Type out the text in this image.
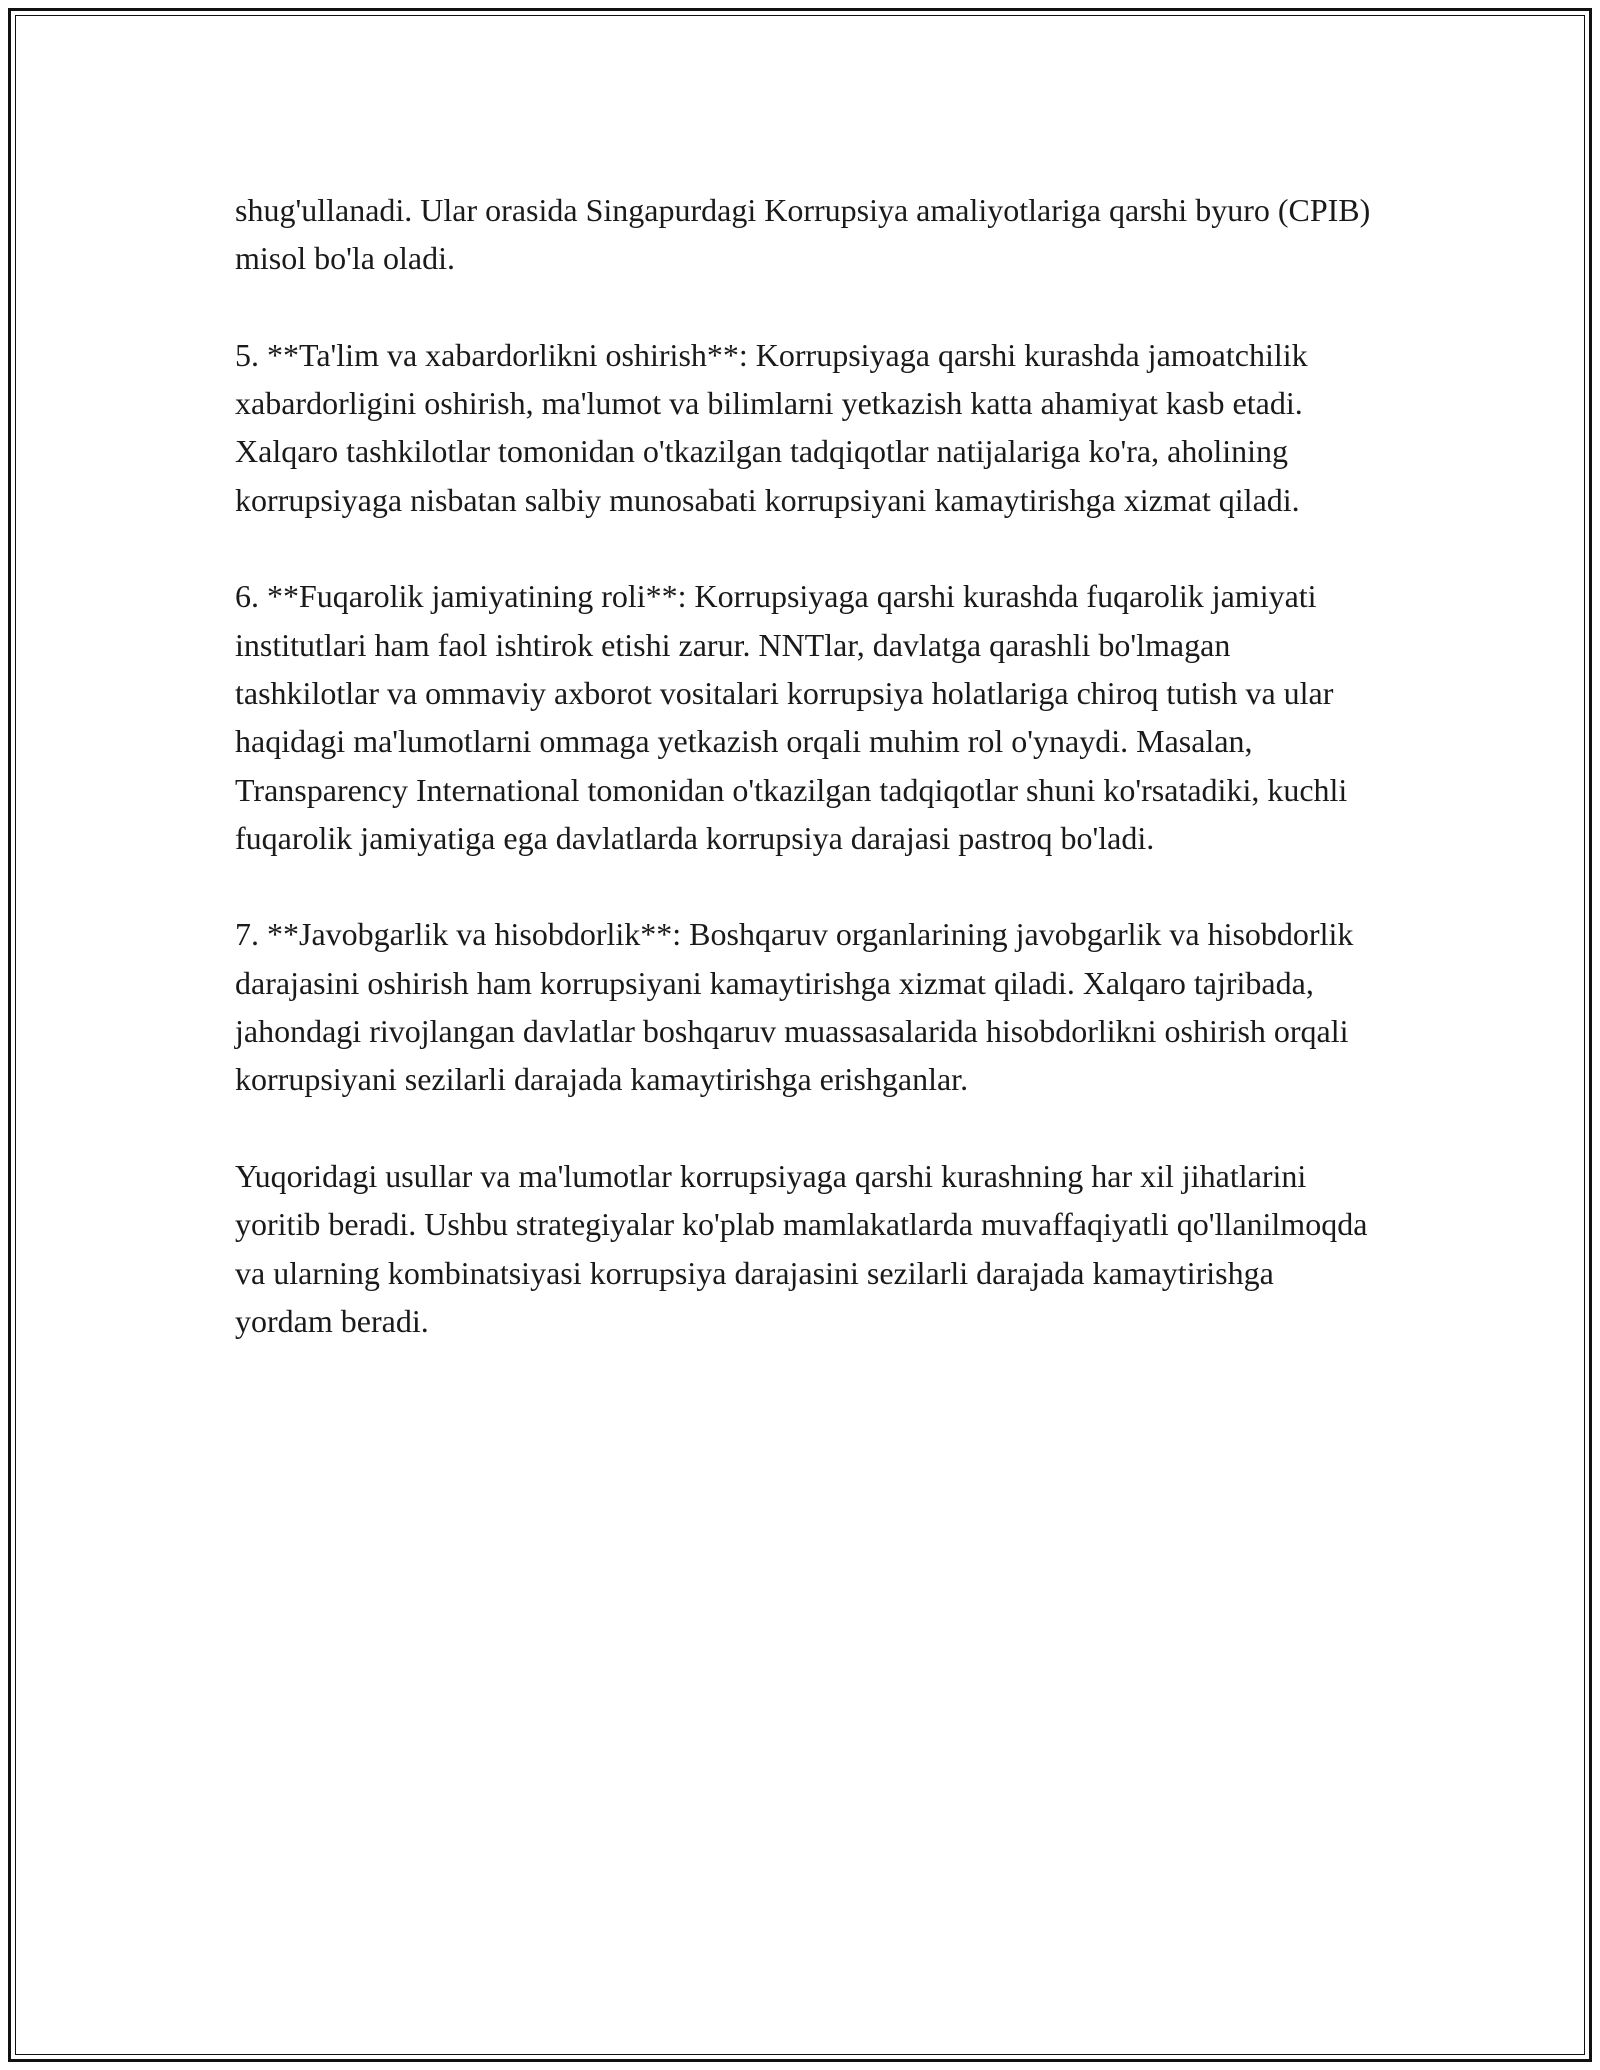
shug'ullanadi. Ular orasida Singapurdagi Korrupsiya amaliyotlariga qarshi byuro (CPIB) misol bo'la oladi.

5. **Ta'lim va xabardorlikni oshirish**: Korrupsiyaga qarshi kurashda jamoatchilik xabardorligini oshirish, ma'lumot va bilimlarni yetkazish katta ahamiyat kasb etadi. Xalqaro tashkilotlar tomonidan o'tkazilgan tadqiqotlar natijalariga ko'ra, aholining korrupsiyaga nisbatan salbiy munosabati korrupsiyani kamaytirishga xizmat qiladi.

6. **Fuqarolik jamiyatining roli**: Korrupsiyaga qarshi kurashda fuqarolik jamiyati institutlari ham faol ishtirok etishi zarur. NNTlar, davlatga qarashli bo'lmagan tashkilotlar va ommaviy axborot vositalari korrupsiya holatlariga chiroq tutish va ular haqidagi ma'lumotlarni ommaga yetkazish orqali muhim rol o'ynaydi. Masalan, Transparency International tomonidan o'tkazilgan tadqiqotlar shuni ko'rsatadiki, kuchli fuqarolik jamiyatiga ega davlatlarda korrupsiya darajasi pastroq bo'ladi.

7. **Javobgarlik va hisobdorlik**: Boshqaruv organlarining javobgarlik va hisobdorlik darajasini oshirish ham korrupsiyani kamaytirishga xizmat qiladi. Xalqaro tajribada, jahondagi rivojlangan davlatlar boshqaruv muassasalarida hisobdorlikni oshirish orqali korrupsiyani sezilarli darajada kamaytirishga erishganlar.

Yuqoridagi usullar va ma'lumotlar korrupsiyaga qarshi kurashning har xil jihatlarini yoritib beradi. Ushbu strategiyalar ko'plab mamlakatlarda muvaffaqiyatli qo'llanilmoqda va ularning kombinatsiyasi korrupsiya darajasini sezilarli darajada kamaytirishga yordam beradi.
